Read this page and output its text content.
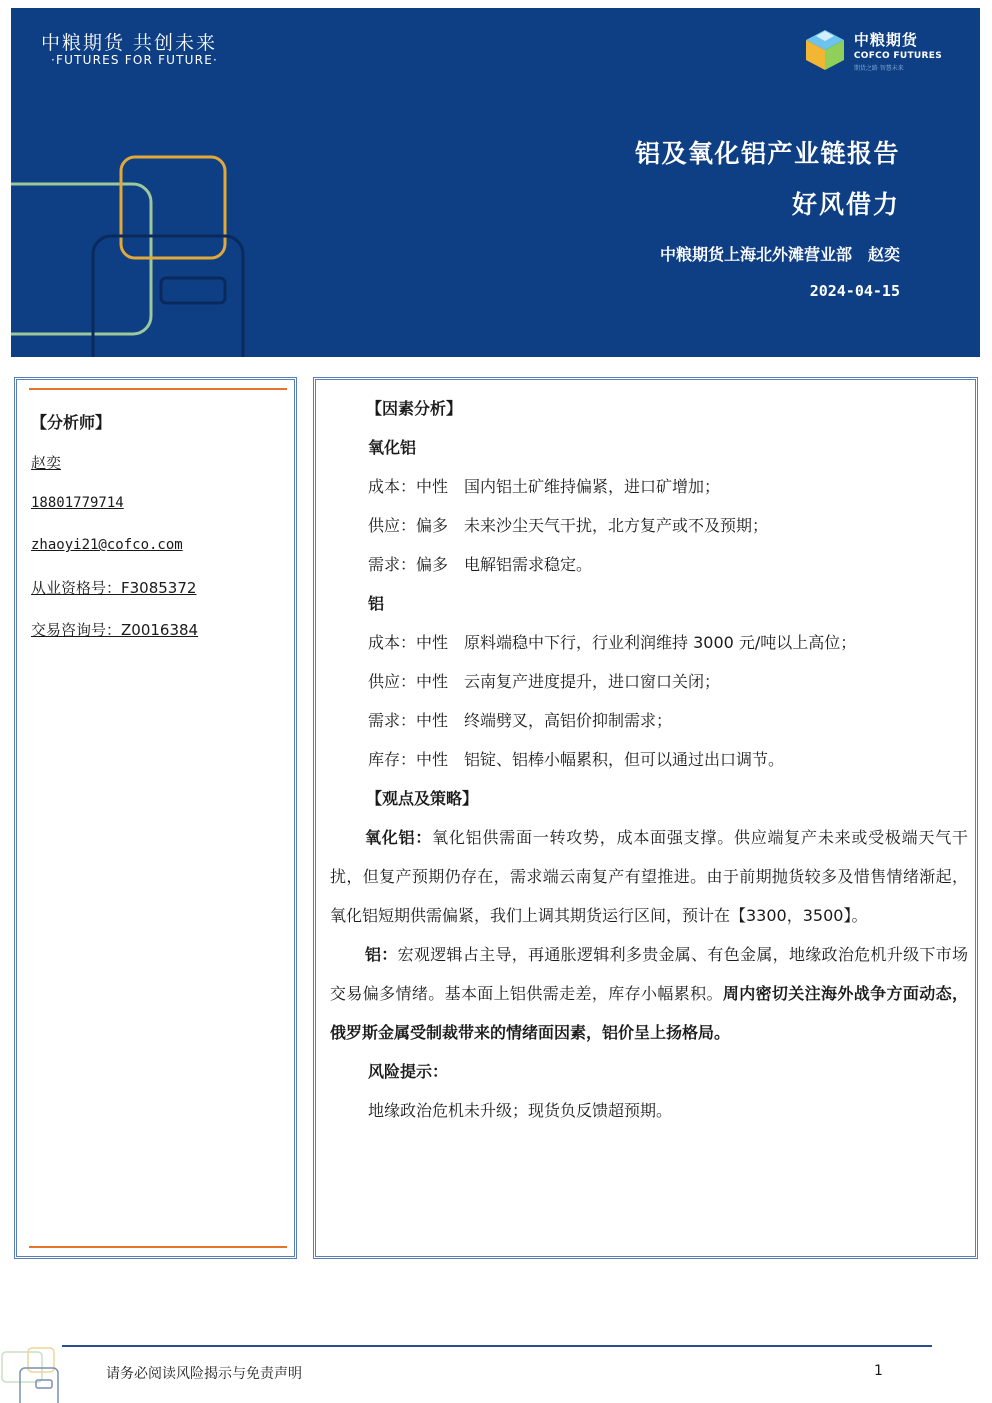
中粮期货 共创未来
·FUTURES FOR FUTURE·
中粮期货
COFCO FUTURES
期货之路 智慧未来
铝及氧化铝产业链报告
好风借力
中粮期货上海北外滩营业部　赵奕
2024-04-15
【分析师】
赵奕
18801779714
zhaoyi21@cofco.com
从业资格号：F3085372
交易咨询号：Z0016384
【因素分析】
氧化铝
成本：中性　国内铝土矿维持偏紧，进口矿增加；
供应：偏多　未来沙尘天气干扰，北方复产或不及预期；
需求：偏多　电解铝需求稳定。
铝
成本：中性　原料端稳中下行，行业利润维持 3000 元/吨以上高位；
供应：中性　云南复产进度提升，进口窗口关闭；
需求：中性　终端劈叉，高铝价抑制需求；
库存：中性　铝锭、铝棒小幅累积，但可以通过出口调节。
【观点及策略】
氧化铝：氧化铝供需面一转攻势，成本面强支撑。供应端复产未来或受极端天气干扰，但复产预期仍存在，需求端云南复产有望推进。由于前期抛货较多及惜售情绪渐起，氧化铝短期供需偏紧，我们上调其期货运行区间，预计在【3300，3500】。
铝：宏观逻辑占主导，再通胀逻辑利多贵金属、有色金属，地缘政治危机升级下市场交易偏多情绪。基本面上铝供需走差，库存小幅累积。周内密切关注海外战争方面动态，俄罗斯金属受制裁带来的情绪面因素，铝价呈上扬格局。
风险提示：
地缘政治危机未升级；现货负反馈超预期。
请务必阅读风险揭示与免责声明	1
